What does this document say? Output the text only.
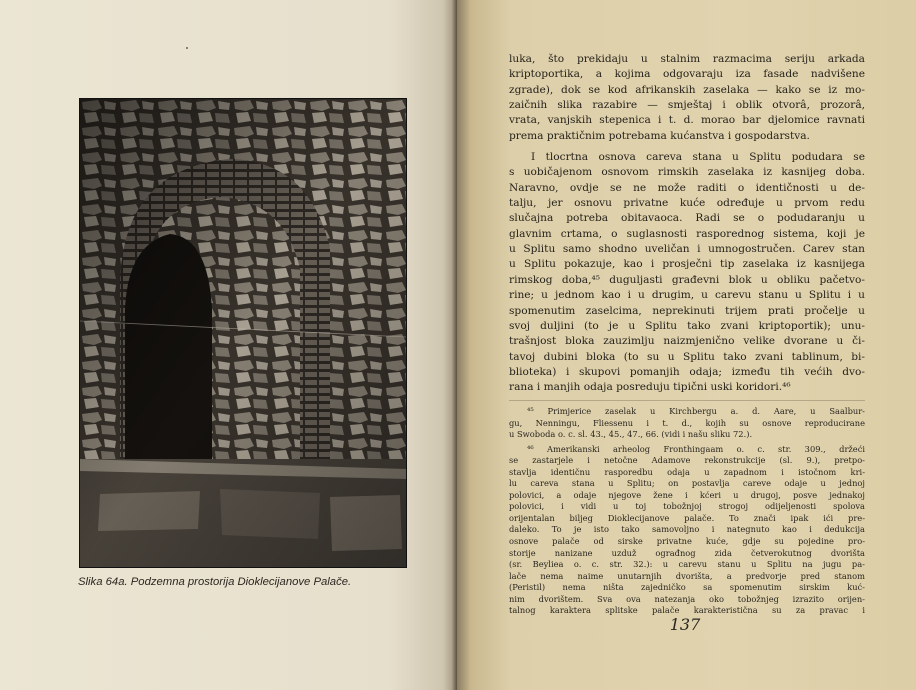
Slika 64a. Podzemna prostorija Dioklecijanove Palače.

luka, što prekidaju u stalnim razmacima seriju arkada
kriptoportika, a kojima odgovaraju iza fasade nadvišene
zgrade), dok se kod afrikanskih zaselaka — kako se iz mo-
zaičnih slika razabire — smještaj i oblik otvorâ, prozorâ,
vrata, vanjskih stepenica i t. d. morao bar djelomice ravnati
prema praktičnim potrebama kućanstva i gospodarstva.

I tlocrtna osnova careva stana u Splitu podudara se
s uobičajenom osnovom rimskih zaselaka iz kasnijeg doba.
Naravno, ovdje se ne može raditi o identičnosti u de-
talju, jer osnovu privatne kuće određuje u prvom redu
slučajna potreba obitavaoca. Radi se o podudaranju u
glavnim crtama, o suglasnosti rasporednog sistema, koji je
u Splitu samo shodno uveličan i umnogostručen. Carev stan
u Splitu pokazuje, kao i prosječni tip zaselaka iz kasnijega
rimskog doba,⁴⁵ duguljasti građevni blok u obliku pačetvo-
rine; u jednom kao i u drugim, u carevu stanu u Splitu i u
spomenutim zaselcima, neprekinuti trijem prati pročelje u
svoj duljini (to je u Splitu tako zvani kriptoportik); unu-
trašnjost bloka zauzimlju naizmjenično velike dvorane u či-
tavoj dubini bloka (to su u Splitu tako zvani tablinum, bi-
blioteka) i skupovi pomanjih odaja; između tih većih dvo-
rana i manjih odaja posreduju tipični uski koridori.⁴⁶

⁴⁵ Primjerice zaselak u Kirchbergu a. d. Aare, u Saalbur-
gu, Nenningu, Fliessenu i t. d., kojih su osnove reproducirane
u Swoboda o. c. sl. 43., 45., 47., 66. (vidi i našu sliku 72.).
⁴⁶ Amerikanski arheolog Fronthingaam o. c. str. 309., držeći
se zastarjele i netočne Adamove rekonstrukcije (sl. 9.), pretpo-
stavlja identičnu rasporedbu odaja u zapadnom i istočnom kri-
lu careva stana u Splitu; on postavlja careve odaje u jednoj
polovici, a odaje njegove žene i kćeri u drugoj, posve jednakoj
polovici, i vidi u toj tobožnjoj strogoj odijeljenosti spolova
orijentalan biljeg Dioklecijanove palače. To znači ipak ići pre-
daleko. To je isto tako samovoljno i nategnuto kao i dedukcija
osnove palače od sirske privatne kuće, gdje su pojedine pro-
storije nanizane uzduž ograđnog zida četverokutnog dvorišta
(sr. Beyliea o. c. str. 32.): u carevu stanu u Splitu na jugu pa-
lače nema naime unutarnjih dvorišta, a predvorje pred stanom
(Peristil) nema ništa zajedničko sa spomenutim sirskim kuć-
nim dvorištem. Sva ova natezanja oko tobožnjeg izrazito orijen-
talnog karaktera splitske palače karakteristična su za pravac i
137
